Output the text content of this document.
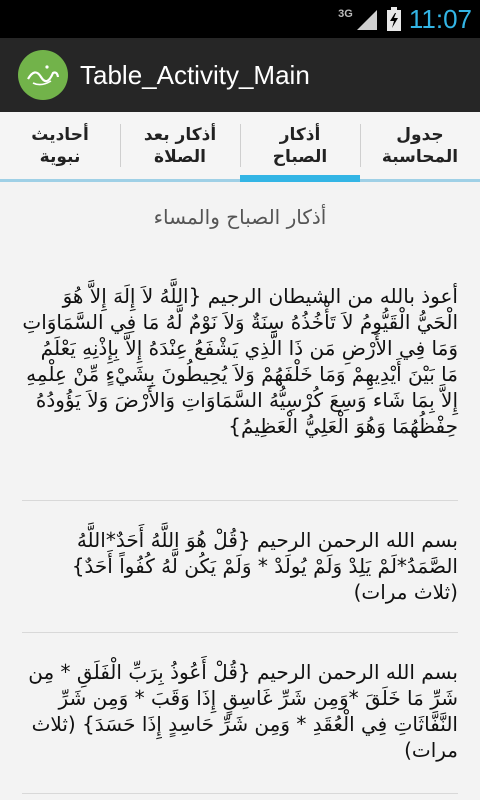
3G 11:07
Table_Activity_Main
أحاديث نبوية
أذكار بعد الصلاة
أذكار الصباح
جدول المحاسبة
أذكار الصباح والمساء
أعوذ بالله من الشيطان الرجيم {اللَّهُ لاَ إِلَهَ إِلاَّ هُوَ الْحَيُّ الْقَيُّومُ لاَ تَأْخُذُهُ سِنَةٌ وَلاَ نَوْمٌ لَّهُ مَا فِي السَّمَاوَاتِ وَمَا فِي الأَرْضِ مَن ذَا الَّذِي يَشْفَعُ عِنْدَهُ إِلاَّ بِإِذْنِهِ يَعْلَمُ مَا بَيْنَ أَيْدِيهِمْ وَمَا خَلْفَهُمْ وَلاَ يُحِيطُونَ بِشَيْءٍ مِّنْ عِلْمِهِ إِلاَّ بِمَا شَاء وَسِعَ كُرْسِيُّهُ السَّمَاوَاتِ وَالأَرْضَ وَلاَ يَؤُودُهُ حِفْظُهُمَا وَهُوَ الْعَلِيُّ الْعَظِيمُ}
بسم الله الرحمن الرحيم {قُلْ هُوَ اللَّهُ أَحَدٌ*اللَّهُ الصَّمَدُ*لَمْ يَلِدْ وَلَمْ يُولَدْ * وَلَمْ يَكُن لَّهُ كُفُواً أَحَدٌ} (ثلاث مرات)
بسم الله الرحمن الرحيم {قُلْ أَعُوذُ بِرَبِّ الْفَلَقِ * مِن شَرِّ مَا خَلَقَ *وَمِن شَرِّ غَاسِقٍ إِذَا وَقَبَ * وَمِن شَرِّ النَّفَّاثَاتِ فِي الْعُقَدِ * وَمِن شَرِّ حَاسِدٍ إِذَا حَسَدَ} (ثلاث مرات)
